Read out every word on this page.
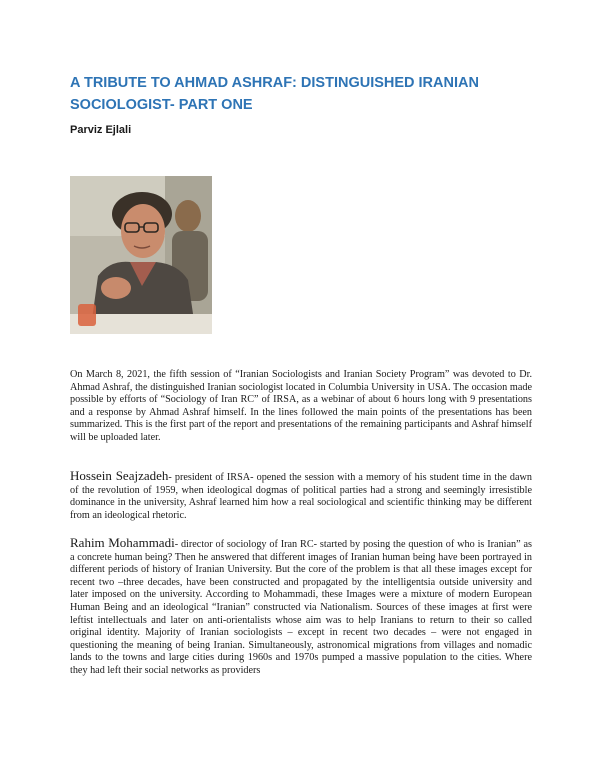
A TRIBUTE TO AHMAD ASHRAF: DISTINGUISHED IRANIAN SOCIOLOGIST- PART ONE

Parviz Ejlali

On March 8, 2021, the fifth session of “Iranian Sociologists and Iranian Society Program” was devoted to Dr. Ahmad Ashraf, the distinguished Iranian sociologist located in Columbia University in USA. The occasion made possible by efforts of “Sociology of Iran RC” of IRSA, as a webinar of about 6 hours long with 9 presentations and a response by Ahmad Ashraf himself. In the lines followed the main points of the presentations has been summarized. This is the first part of the report and presentations of the remaining participants and Ashraf himself will be uploaded later.

Hossein Seajzadeh- president of IRSA- opened the session with a memory of his student time in the dawn of the revolution of 1959, when ideological dogmas of political parties had a strong and seemingly irresistible dominance in the university, Ashraf learned him how a real sociological and scientific thinking may be different from an ideological rhetoric.

Rahim Mohammadi- director of sociology of Iran RC- started by posing the question of who is Iranian” as a concrete human being? Then he answered that different images of Iranian human being have been portrayed in different periods of history of Iranian University. But the core of the problem is that all these images except for recent two –three decades, have been constructed and propagated by the intelligentsia outside university and later imposed on the university. According to Mohammadi, these Images were a mixture of modern European Human Being and an ideological “Iranian” constructed via Nationalism. Sources of these images at first were leftist intellectuals and later on anti-orientalists whose aim was to help Iranians to return to their so called original identity. Majority of Iranian sociologists – except in recent two decades – were not engaged in questioning the meaning of being Iranian. Simultaneously, astronomical migrations from villages and nomadic lands to the towns and large cities during 1960s and 1970s pumped a massive population to the cities. Where they had left their social networks as providers
